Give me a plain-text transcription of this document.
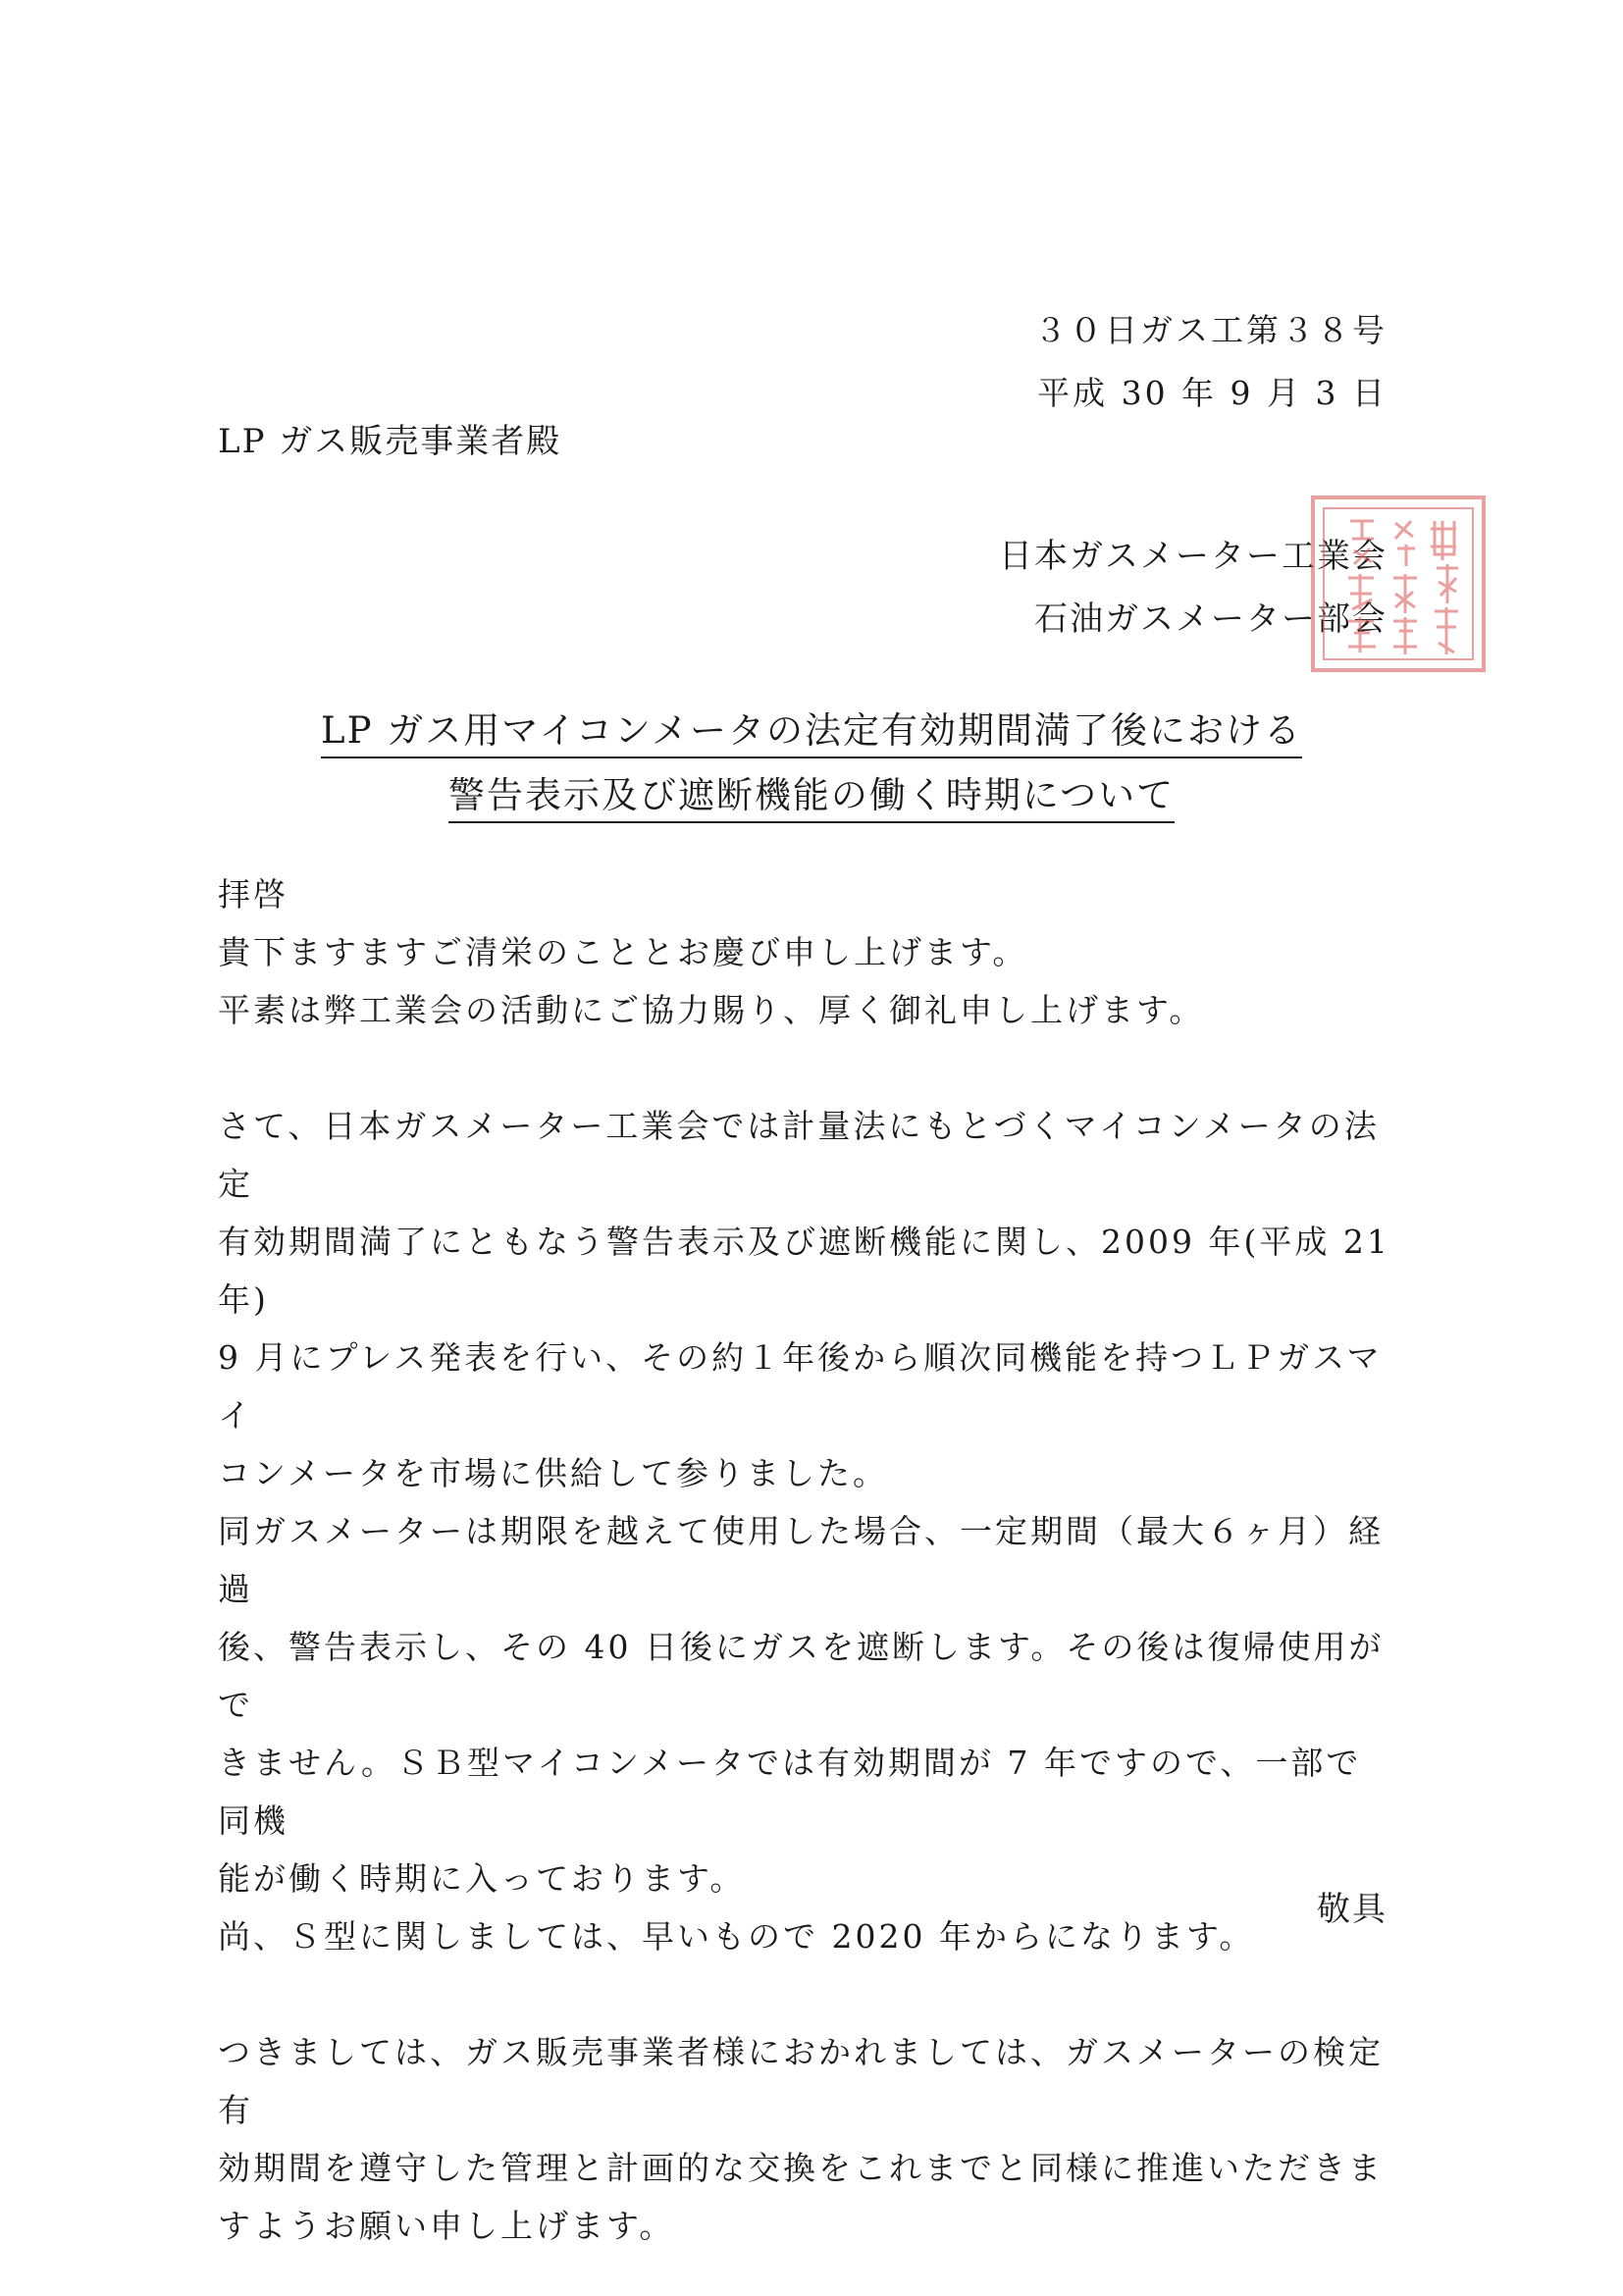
３０日ガス工第３８号
平成 30 年 9 月 3 日
LP ガス販売事業者殿
日本ガスメーター工業会
石油ガスメーター部会
LP ガス用マイコンメータの法定有効期間満了後における
警告表示及び遮断機能の働く時期について

拝啓

貴下ますますご清栄のこととお慶び申し上げます。

平素は弊工業会の活動にご協力賜り、厚く御礼申し上げます。

さて、日本ガスメーター工業会では計量法にもとづくマイコンメータの法定

有効期間満了にともなう警告表示及び遮断機能に関し、2009 年(平成 21 年)

9 月にプレス発表を行い、その約１年後から順次同機能を持つＬＰガスマイ

コンメータを市場に供給して参りました。

同ガスメーターは期限を越えて使用した場合、一定期間（最大６ヶ月）経過

後、警告表示し、その 40 日後にガスを遮断します。その後は復帰使用がで

きません。ＳＢ型マイコンメータでは有効期間が 7 年ですので、一部で同機

能が働く時期に入っております。

尚、Ｓ型に関しましては、早いもので 2020 年からになります。

つきましては、ガス販売事業者様におかれましては、ガスメーターの検定有

効期間を遵守した管理と計画的な交換をこれまでと同様に推進いただきま

すようお願い申し上げます。

敬具
